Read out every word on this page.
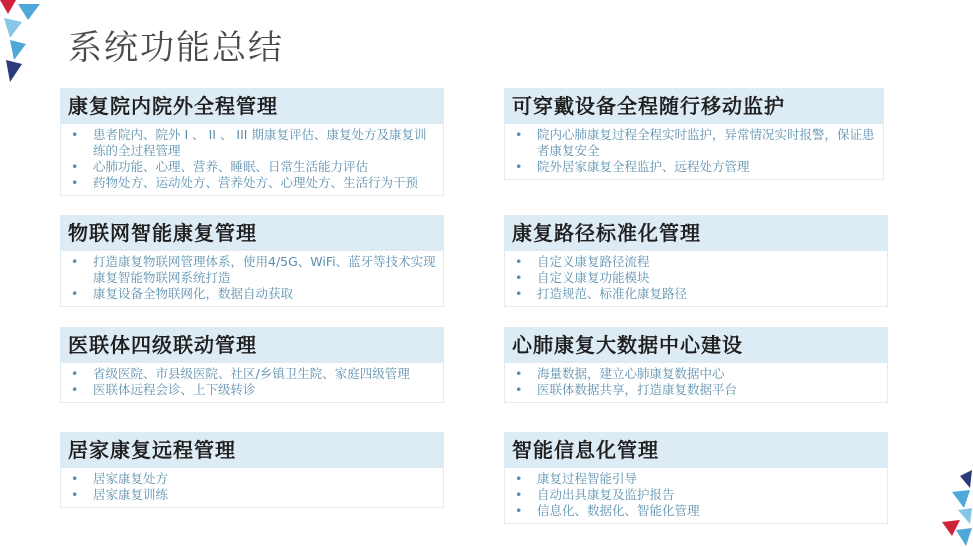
系统功能总结
康复院内院外全程管理
• 患者院内、院外 I 、 II 、 III 期康复评估、康复处方及康复训练的全过程管理
• 心肺功能、心理、营养、睡眠、日常生活能力评估
• 药物处方、运动处方、营养处方、心理处方、生活行为干预
物联网智能康复管理
• 打造康复物联网管理体系，使用4/5G、WiFi、蓝牙等技术实现康复智能物联网系统打造
• 康复设备全物联网化，数据自动获取
医联体四级联动管理
• 省级医院、市县级医院、社区/乡镇卫生院、家庭四级管理
• 医联体远程会诊、上下级转诊
居家康复远程管理
• 居家康复处方
• 居家康复训练
可穿戴设备全程随行移动监护
• 院内心肺康复过程全程实时监护，异常情况实时报警，保证患者康复安全
• 院外居家康复全程监护、远程处方管理
康复路径标准化管理
• 自定义康复路径流程
• 自定义康复功能模块
• 打造规范、标准化康复路径
心肺康复大数据中心建设
• 海量数据，建立心肺康复数据中心
• 医联体数据共享，打造康复数据平台
智能信息化管理
• 康复过程智能引导
• 自动出具康复及监护报告
• 信息化、数据化、智能化管理
